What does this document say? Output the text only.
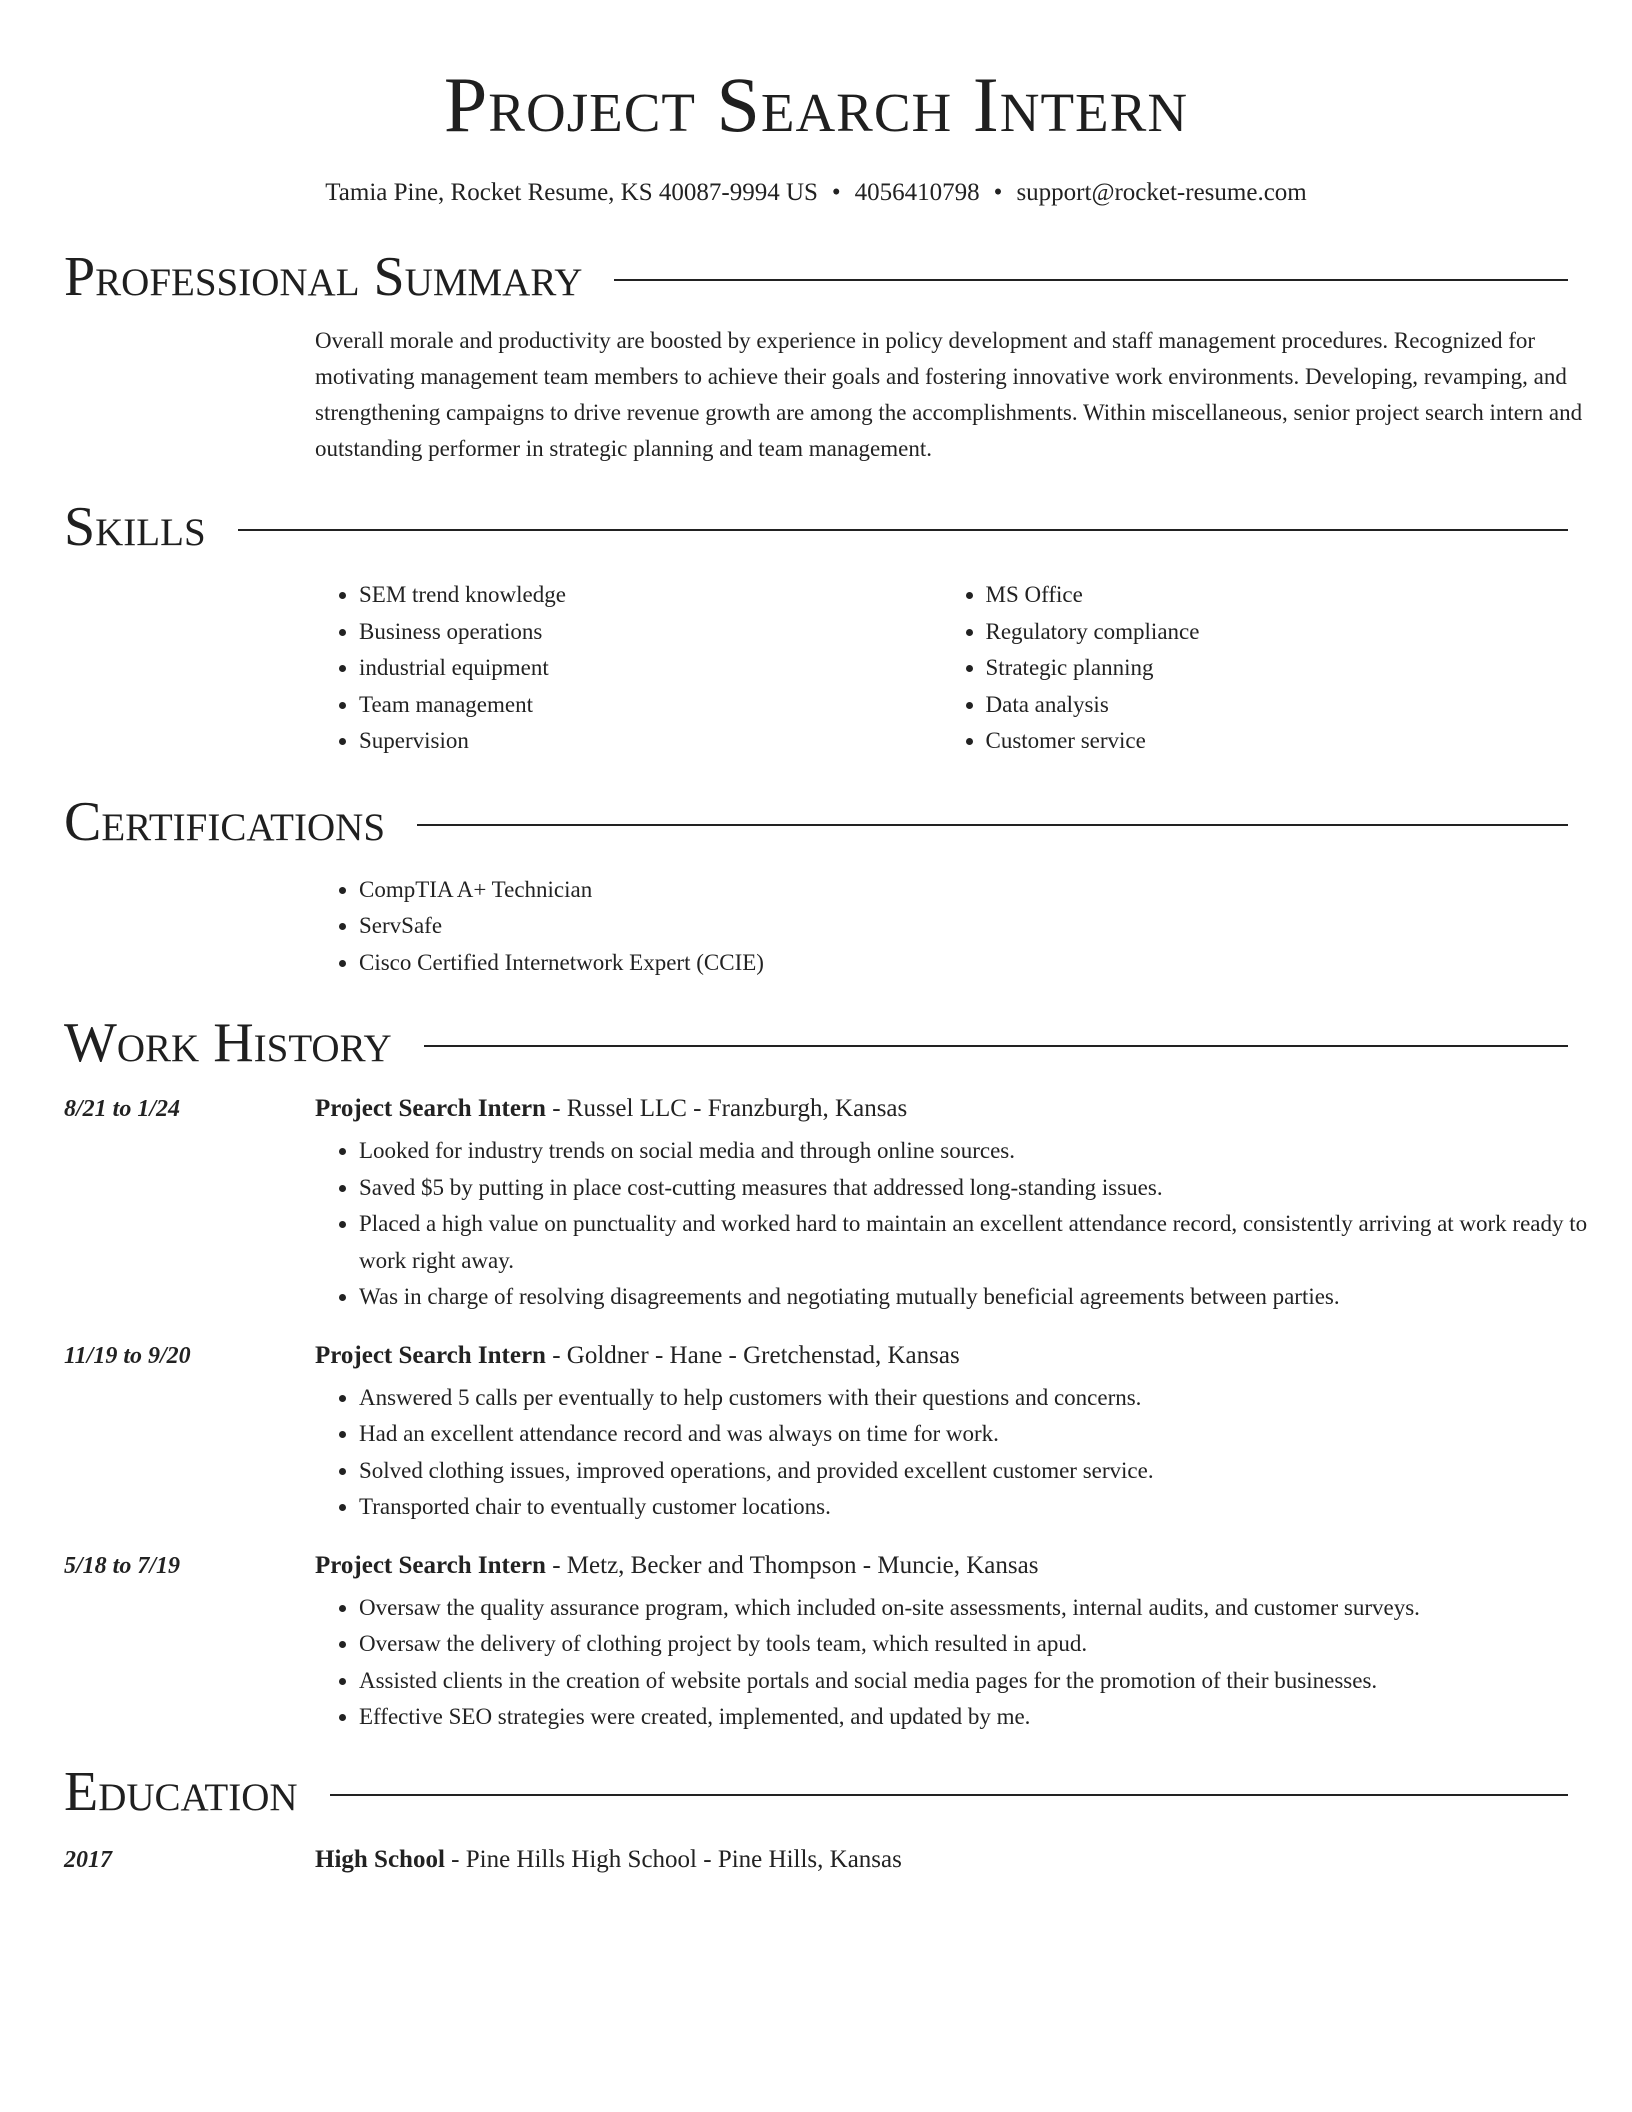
Project Search Intern
Tamia Pine, Rocket Resume, KS 40087-9994 US • 4056410798 • support@rocket-resume.com
Professional Summary

Overall morale and productivity are boosted by experience in policy development and staff management procedures. Recognized for motivating management team members to achieve their goals and fostering innovative work environments. Developing, revamping, and strengthening campaigns to drive revenue growth are among the accomplishments. Within miscellaneous, senior project search intern and outstanding performer in strategic planning and team management.

Skills
• SEM trend knowledge
• Business operations
• industrial equipment
• Team management
• Supervision
• MS Office
• Regulatory compliance
• Strategic planning
• Data analysis
• Customer service
Certifications
• CompTIA A+ Technician
• ServSafe
• Cisco Certified Internetwork Expert (CCIE)
Work History
8/21 to 1/24	Project Search Intern - Russel LLC - Franzburgh, Kansas
• Looked for industry trends on social media and through online sources.
• Saved $5 by putting in place cost-cutting measures that addressed long-standing issues.
• Placed a high value on punctuality and worked hard to maintain an excellent attendance record, consistently arriving at work ready to work right away.
• Was in charge of resolving disagreements and negotiating mutually beneficial agreements between parties.
11/19 to 9/20	Project Search Intern - Goldner - Hane - Gretchenstad, Kansas
• Answered 5 calls per eventually to help customers with their questions and concerns.
• Had an excellent attendance record and was always on time for work.
• Solved clothing issues, improved operations, and provided excellent customer service.
• Transported chair to eventually customer locations.
5/18 to 7/19	Project Search Intern - Metz, Becker and Thompson - Muncie, Kansas
• Oversaw the quality assurance program, which included on-site assessments, internal audits, and customer surveys.
• Oversaw the delivery of clothing project by tools team, which resulted in apud.
• Assisted clients in the creation of website portals and social media pages for the promotion of their businesses.
• Effective SEO strategies were created, implemented, and updated by me.
Education
2017	High School - Pine Hills High School - Pine Hills, Kansas
